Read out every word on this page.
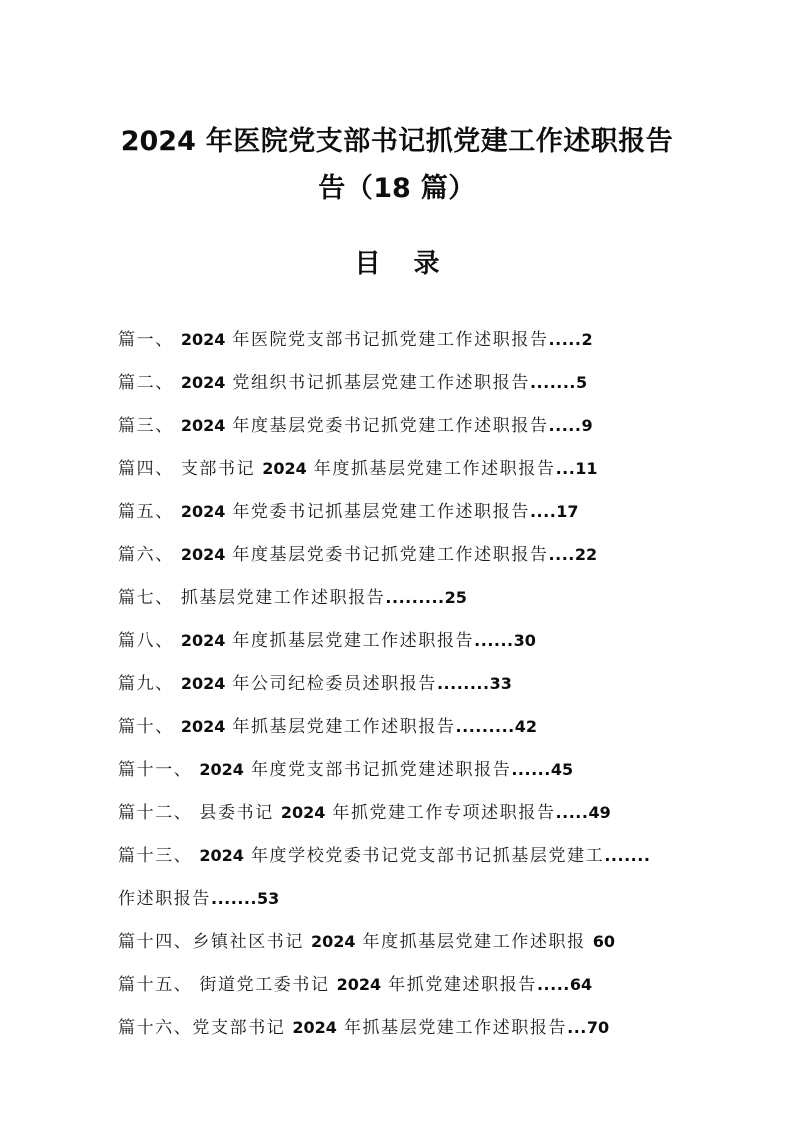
2024 年医院党支部书记抓党建工作述职报告
告（18 篇）
目 录
篇一、 2024 年医院党支部书记抓党建工作述职报告.....2
篇二、 2024 党组织书记抓基层党建工作述职报告.......5
篇三、 2024 年度基层党委书记抓党建工作述职报告.....9
篇四、 支部书记 2024 年度抓基层党建工作述职报告...11
篇五、 2024 年党委书记抓基层党建工作述职报告....17
篇六、 2024 年度基层党委书记抓党建工作述职报告....22
篇七、 抓基层党建工作述职报告.........25
篇八、 2024 年度抓基层党建工作述职报告......30
篇九、 2024 年公司纪检委员述职报告........33
篇十、 2024 年抓基层党建工作述职报告.........42
篇十一、 2024 年度党支部书记抓党建述职报告......45
篇十二、 县委书记 2024 年抓党建工作专项述职报告.....49
篇十三、 2024 年度学校党委书记党支部书记抓基层党建工.......
作述职报告.......53
篇十四、乡镇社区书记 2024 年度抓基层党建工作述职报 60
篇十五、 街道党工委书记 2024 年抓党建述职报告.....64
篇十六、党支部书记 2024 年抓基层党建工作述职报告...70
